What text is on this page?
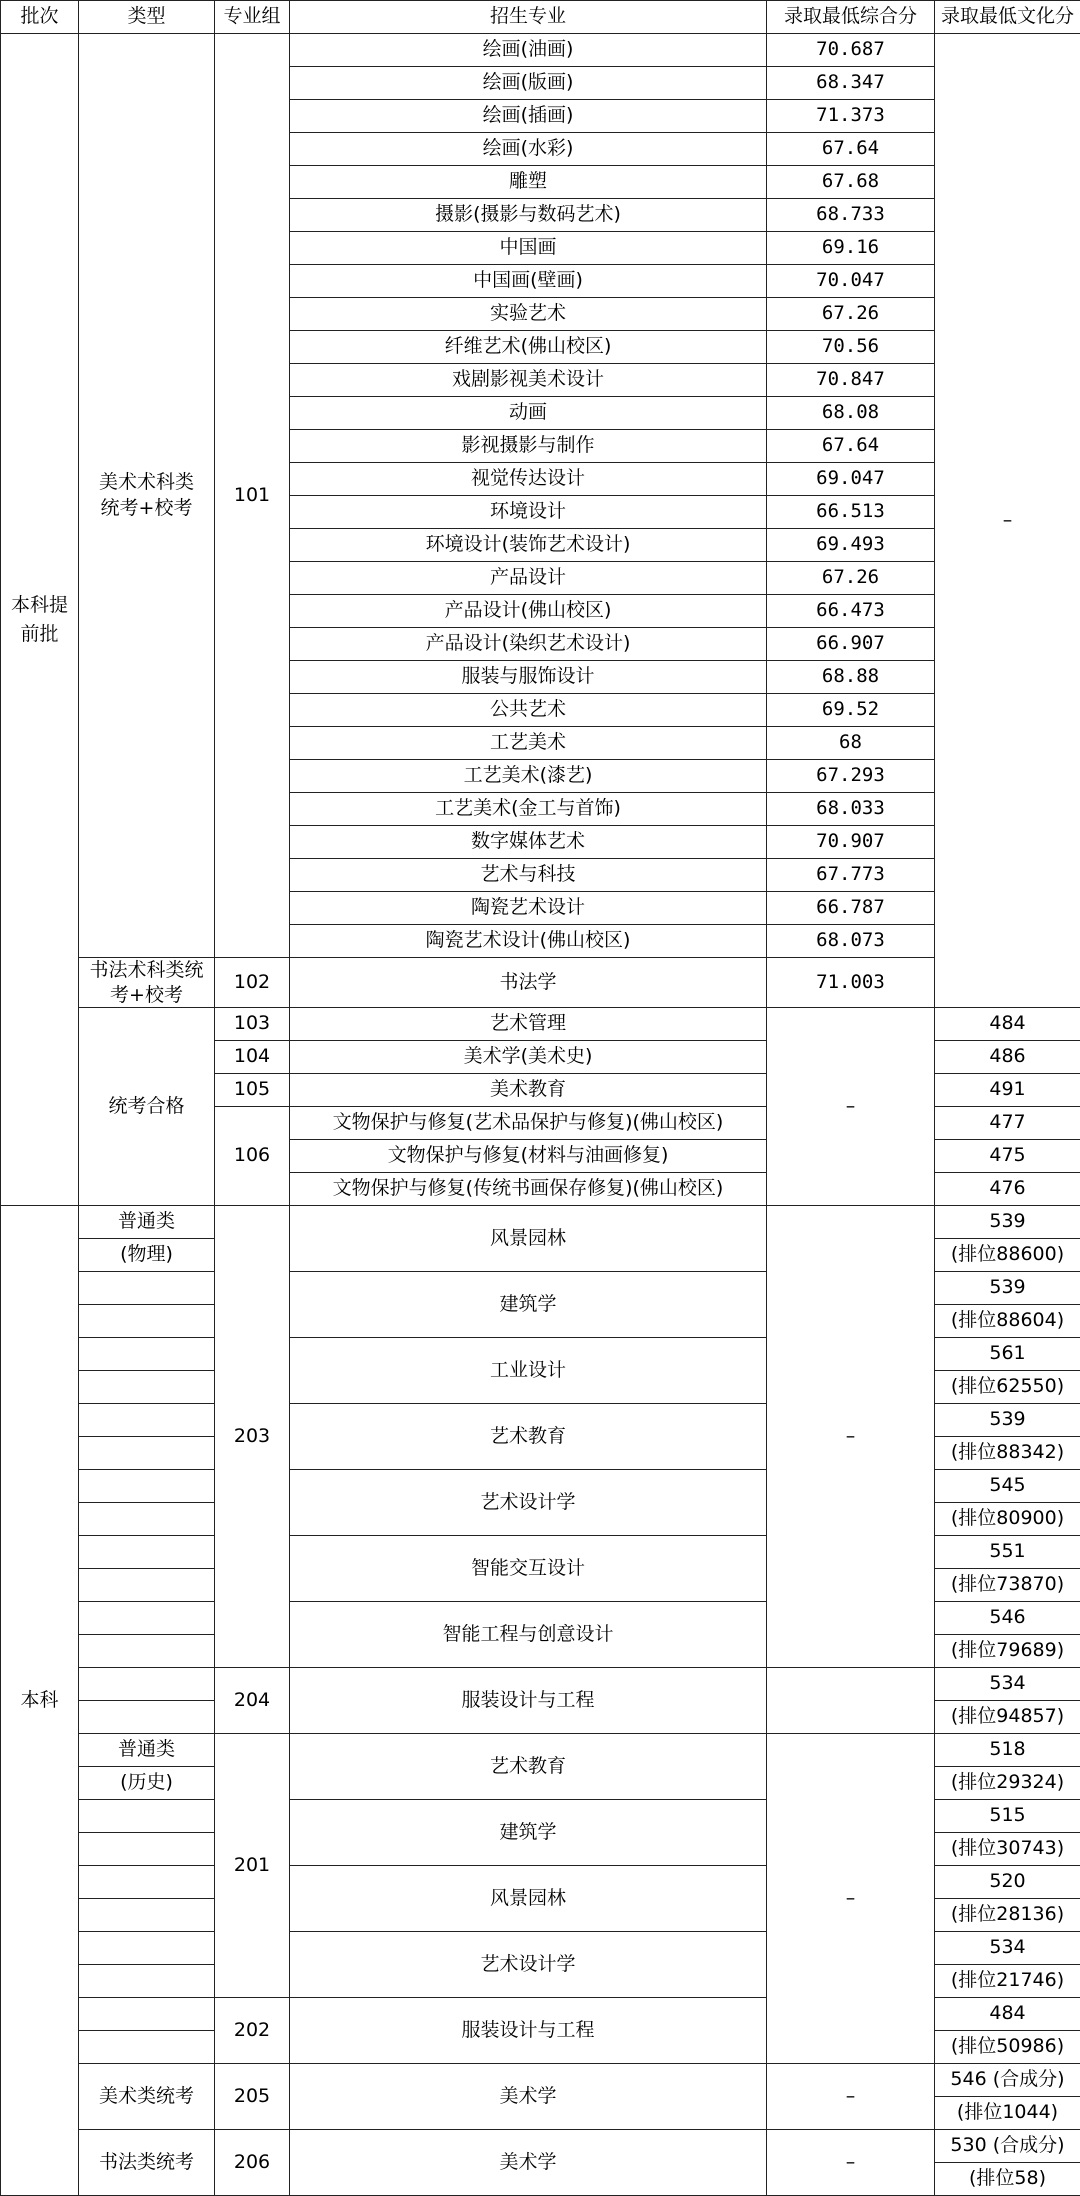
批次	类型	专业组	招生专业	录取最低综合分	录取最低文化分
本科提前批	美术术科类统考+校考	101	绘画(油画)	70.687	–
			绘画(版画)	68.347	
			绘画(插画)	71.373	
			绘画(水彩)	67.64	
			雕塑	67.68	
			摄影(摄影与数码艺术)	68.733	
			中国画	69.16	
			中国画(壁画)	70.047	
			实验艺术	67.26	
			纤维艺术(佛山校区)	70.56	
			戏剧影视美术设计	70.847	
			动画	68.08	
			影视摄影与制作	67.64	
			视觉传达设计	69.047	
			环境设计	66.513	
			环境设计(装饰艺术设计)	69.493	
			产品设计	67.26	
			产品设计(佛山校区)	66.473	
			产品设计(染织艺术设计)	66.907	
			服装与服饰设计	68.88	
			公共艺术	69.52	
			工艺美术	68	
			工艺美术(漆艺)	67.293	
			工艺美术(金工与首饰)	68.033	
			数字媒体艺术	70.907	
			艺术与科技	67.773	
			陶瓷艺术设计	66.787	
			陶瓷艺术设计(佛山校区)	68.073	
	书法术科类统考+校考	102	书法学	71.003	
	统考合格	103	艺术管理	–	484
		104	美术学(美术史)		486
		105	美术教育		491
		106	文物保护与修复(艺术品保护与修复)(佛山校区)		477
			文物保护与修复(材料与油画修复)		475
			文物保护与修复(传统书画保存修复)(佛山校区)		476
本科	普通类	203	风景园林	–	539
	(物理)				(排位88600)
			建筑学		539
					(排位88604)
			工业设计		561
					(排位62550)
			艺术教育		539
					(排位88342)
			艺术设计学		545
					(排位80900)
			智能交互设计		551
					(排位73870)
			智能工程与创意设计		546
					(排位79689)
		204	服装设计与工程		534
					(排位94857)
	普通类	201	艺术教育	–	518
	(历史)				(排位29324)
			建筑学		515
					(排位30743)
			风景园林		520
					(排位28136)
			艺术设计学		534
					(排位21746)
		202	服装设计与工程		484
					(排位50986)
	美术类统考	205	美术学	–	546 (合成分)
					(排位1044)
	书法类统考	206	美术学	–	530 (合成分)
					(排位58)
